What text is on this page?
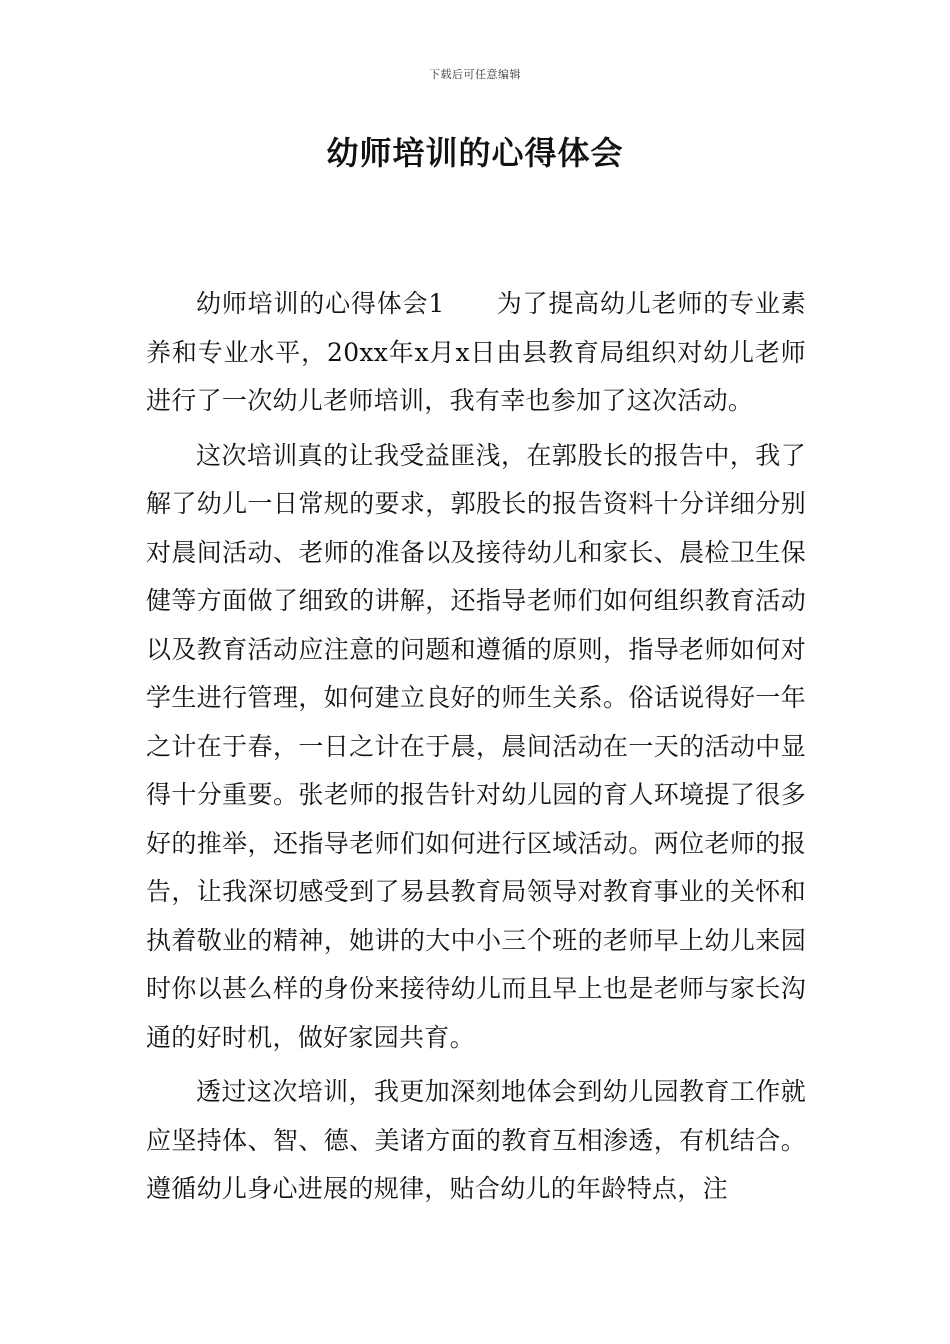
下载后可任意编辑
幼师培训的心得体会

幼师培训的心得体会1　　为了提高幼儿老师的专业素养和专业水平，20xx年x月x日由县教育局组织对幼儿老师进行了一次幼儿老师培训，我有幸也参加了这次活动。

这次培训真的让我受益匪浅，在郭股长的报告中，我了解了幼儿一日常规的要求，郭股长的报告资料十分详细分别对晨间活动、老师的准备以及接待幼儿和家长、晨检卫生保健等方面做了细致的讲解，还指导老师们如何组织教育活动以及教育活动应注意的问题和遵循的原则，指导老师如何对学生进行管理，如何建立良好的师生关系。俗话说得好一年之计在于春，一日之计在于晨，晨间活动在一天的活动中显得十分重要。张老师的报告针对幼儿园的育人环境提了很多好的推举，还指导老师们如何进行区域活动。两位老师的报告，让我深切感受到了易县教育局领导对教育事业的关怀和执着敬业的精神，她讲的大中小三个班的老师早上幼儿来园时你以甚么样的身份来接待幼儿而且早上也是老师与家长沟通的好时机，做好家园共育。

透过这次培训，我更加深刻地体会到幼儿园教育工作就应坚持体、智、德、美诸方面的教育互相渗透，有机结合。遵循幼儿身心进展的规律，贴合幼儿的年龄特点，注
